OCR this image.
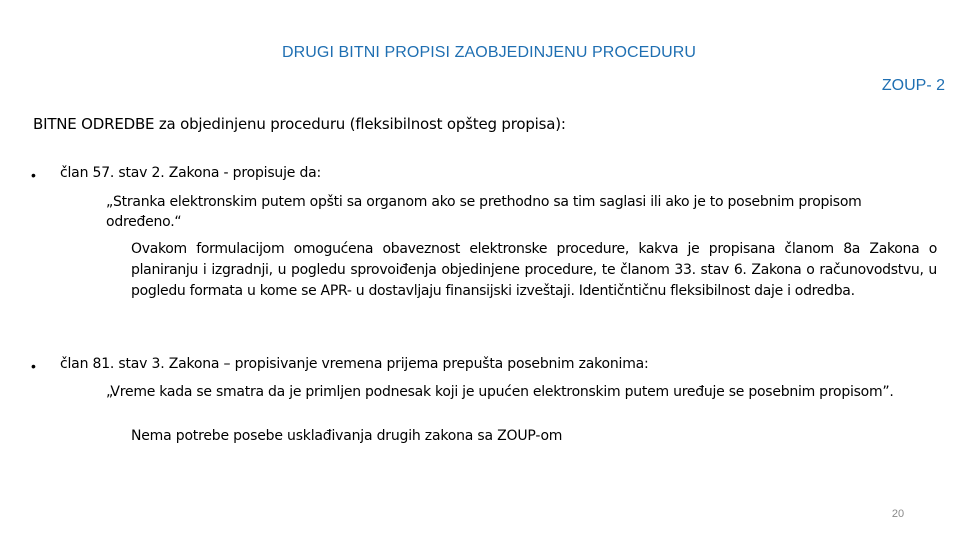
DRUGI BITNI PROPISI ZAOBJEDINJENU PROCEDURU
ZOUP- 2
BITNE ODREDBE za objedinjenu proceduru (fleksibilnost opšteg propisa):
• član 57. stav 2. Zakona - propisuje da:
„Stranka elektronskim putem opšti sa organom ako se prethodno sa tim saglasi ili ako je to posebnim propisom određeno.“
Ovakom formulacijom omogućena obaveznost elektronske procedure, kakva je propisana članom 8a Zakona o planiranju i izgradnji, u pogledu sprovoiđenja objedinjene procedure, te članom 33. stav 6. Zakona o računovodstvu, u pogledu formata u kome se APR- u dostavljaju finansijski izveštaji. Identičntičnu fleksibilnost daje i odredba.
• član 81. stav 3. Zakona – propisivanje vremena prijema prepušta posebnim zakonima:
„Vreme kada se smatra da je primljen podnesak koji je upućen elektronskim putem uređuje se posebnim propisom”.
Nema potrebe posebe usklađivanja drugih zakona sa ZOUP-om
20
